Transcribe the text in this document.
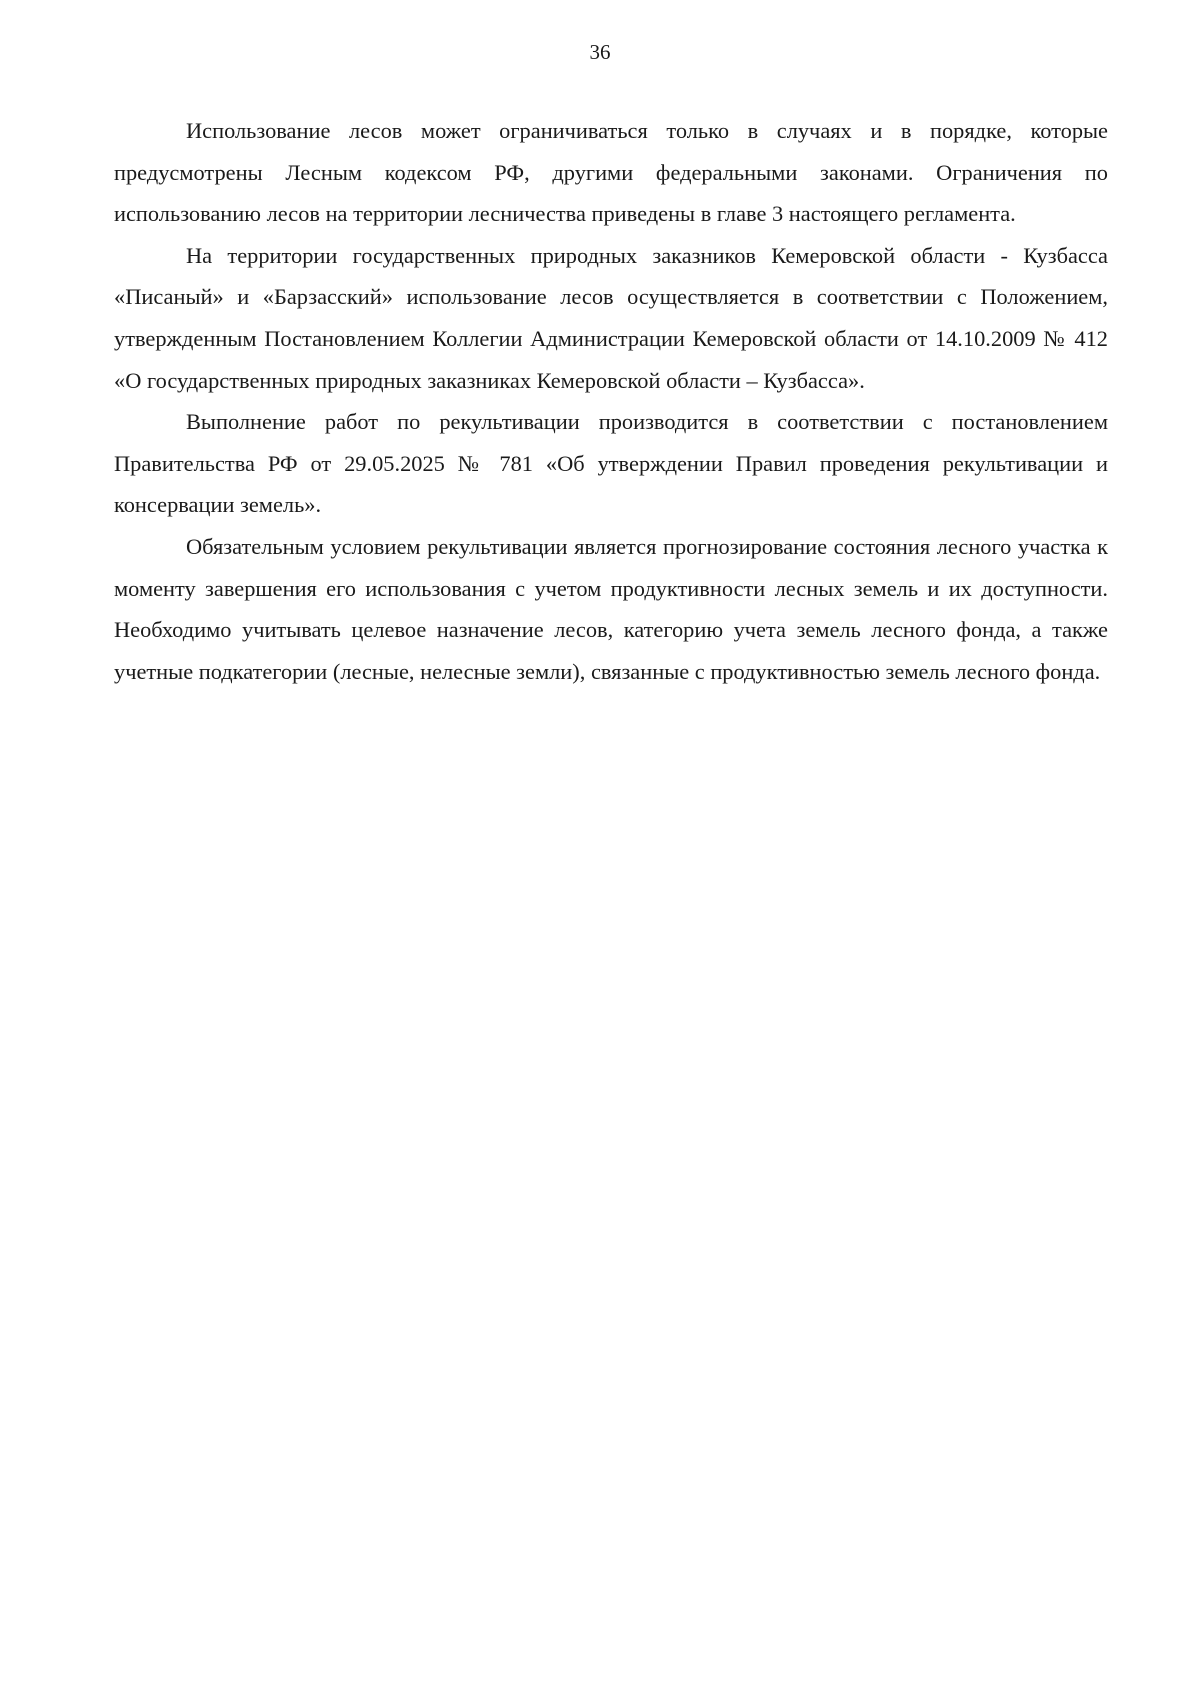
36

Использование лесов может ограничиваться только в случаях и в порядке, которые предусмотрены Лесным кодексом РФ, другими федеральными законами. Ограничения по использованию лесов на территории лесничества приведены в главе 3 настоящего регламента.

На территории государственных природных заказников Кемеровской области - Кузбасса «Писаный» и «Барзасский» использование лесов осуществляется в соответствии с Положением, утвержденным Постановлением Коллегии Администрации Кемеровской области от 14.10.2009 № 412 «О государственных природных заказниках Кемеровской области – Кузбасса».

Выполнение работ по рекультивации производится в соответствии с постановлением Правительства РФ от 29.05.2025 № 781 «Об утверждении Правил проведения рекультивации и консервации земель».

Обязательным условием рекультивации является прогнозирование состояния лесного участка к моменту завершения его использования с учетом продуктивности лесных земель и их доступности. Необходимо учитывать целевое назначение лесов, категорию учета земель лесного фонда, а также учетные подкатегории (лесные, нелесные земли), связанные с продуктивностью земель лесного фонда.
